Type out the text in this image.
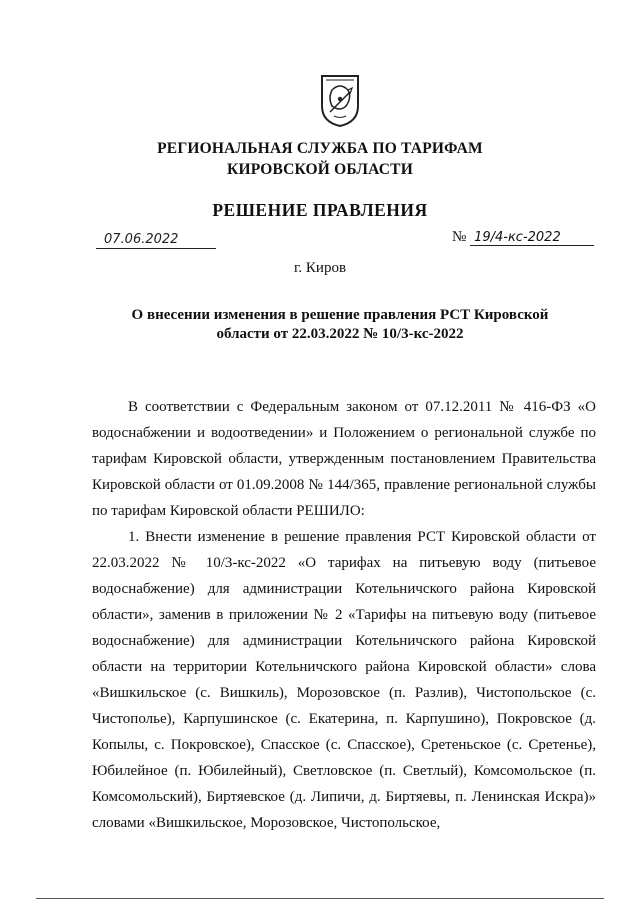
РЕГИОНАЛЬНАЯ СЛУЖБА ПО ТАРИФАМ
КИРОВСКОЙ ОБЛАСТИ
РЕШЕНИЕ ПРАВЛЕНИЯ
07.06.2022	№ 19/4-кс-2022
г. Киров
О внесении изменения в решение правления РСТ Кировской области от 22.03.2022 № 10/3-кс-2022

В соответствии с Федеральным законом от 07.12.2011 № 416-ФЗ «О водоснабжении и водоотведении» и Положением о региональной службе по тарифам Кировской области, утвержденным постановлением Правительства Кировской области от 01.09.2008 № 144/365, правление региональной службы по тарифам Кировской области РЕШИЛО:

1. Внести изменение в решение правления РСТ Кировской области от 22.03.2022 № 10/3-кс-2022 «О тарифах на питьевую воду (питьевое водоснабжение) для администрации Котельничского района Кировской области», заменив в приложении № 2 «Тарифы на питьевую воду (питьевое водоснабжение) для администрации Котельничского района Кировской области на территории Котельничского района Кировской области» слова «Вишкильское (с. Вишкиль), Морозовское (п. Разлив), Чистопольское (с. Чистополье), Карпушинское (с. Екатерина, п. Карпушино), Покровское (д. Копылы, с. Покровское), Спасское (с. Спасское), Сретеньское (с. Сретенье), Юбилейное (п. Юбилейный), Светловское (п. Светлый), Комсомольское (п. Комсомольский), Биртяевское (д. Липичи, д. Биртяевы, п. Ленинская Искра)» словами «Вишкильское, Морозовское, Чистопольское,
